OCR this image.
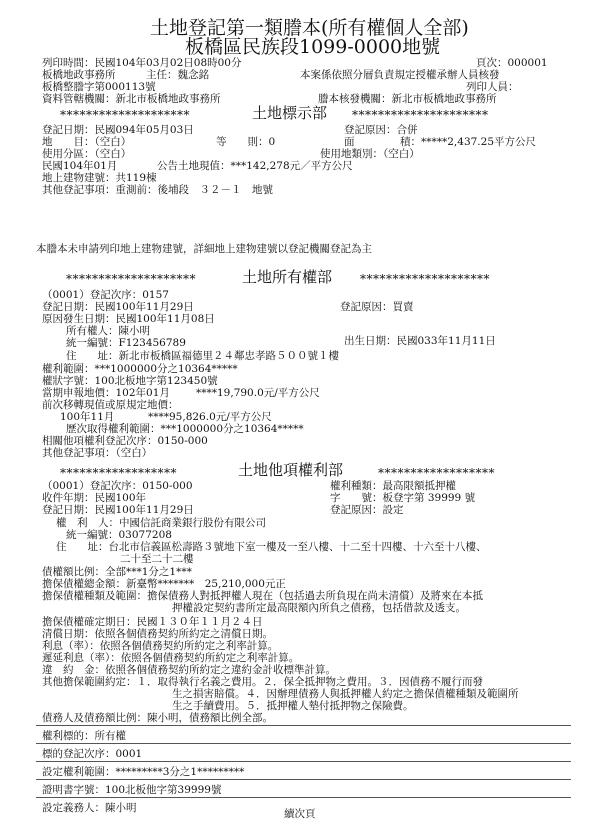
土地登記第一類謄本(所有權個人全部)
板橋區民族段1099-0000地號
列印時間：民國104年03月02日08時00分	頁次：000001
板橋地政事務所	主任：魏念銘	本案係依照分層負責規定授權承辦人員核發
板橋整謄字第000113號	列印人員：
資料管轄機關：新北市板橋地政事務所	謄本核發機關：新北市板橋地政事務所
********************	土地標示部 *********************
登記日期：民國094年05月03日	登記原因：合併
地　　目：（空白）	等　　則：0	面	積：*****2,437.25平方公尺
使用分區：（空白）	使用地類別：（空白）
民國104年01月	公告土地現值：***142,278元／平方公尺
地上建物建號：共119棟
其他登記事項：重測前：後埔段　３２－１　地號
本謄本未申請列印地上建物建號，詳細地上建物建號以登記機關登記為主
********************	土地所有權部 ********************
（0001）登記次序：0157
登記日期：民國100年11月29日	登記原因：買賣
原因發生日期：民國100年11月08日
所有權人：陳小明
統一編號：F123456789	出生日期：民國033年11月11日
住　　址：新北市板橋區福德里２４鄰忠孝路５００號１樓
權利範圍：***1000000分之10364*****
權狀字號：100北板地字第123450號
當期申報地價：102年01月 ****19,790.0元/平方公尺
前次移轉現值或原規定地價：
100年11月	****95,826.0元/平方公尺
歷次取得權利範圍：***1000000分之10364*****
相關他項權利登記次序：0150-000
其他登記事項：（空白）
******************	土地他項權利部	******************
（0001）登記次序：0150-000	權利種類：最高限額抵押權
收件年期：民國100年	字　　號：板登字第 39999 號
登記日期：民國100年11月29日	登記原因：設定
權　利　人：中國信託商業銀行股份有限公司
統一編號：03077208
住　　址：台北市信義區松壽路３號地下室一樓及一至八樓、十二至十四樓、十六至十八樓、
二十至二十二樓
債權額比例：全部***1分之1***
擔保債權總金額：新臺幣*******　25,210,000元正
擔保債權種類及範圍：擔保債務人對抵押權人現在（包括過去所負現在尚未清償）及將來在本抵
押權設定契約書所定最高限額內所負之債務，包括借款及透支。
擔保債權確定期日：民國１３０年１１月２４日
清償日期：依照各個債務契約所約定之清償日期。
利息（率）：依照各個債務契約所約定之利率計算。
遲延利息（率）：依照各個債務契約所約定之利率計算。
違　約　金：依照各個債務契約所約定之違約金計收標準計算。
其他擔保範圍約定：１．取得執行名義之費用。２．保全抵押物之費用。３．因債務不履行而發
生之損害賠償。４．因辦理債務人與抵押權人約定之擔保債權種類及範圍所
生之手續費用。５．抵押權人墊付抵押物之保險費。
債務人及債務額比例：陳小明，債務額比例全部。
權利標的：所有權
標的登記次序：0001
設定權利範圍：*********3分之1*********
證明書字號：100北板他字第39999號
設定義務人：陳小明	續次頁
